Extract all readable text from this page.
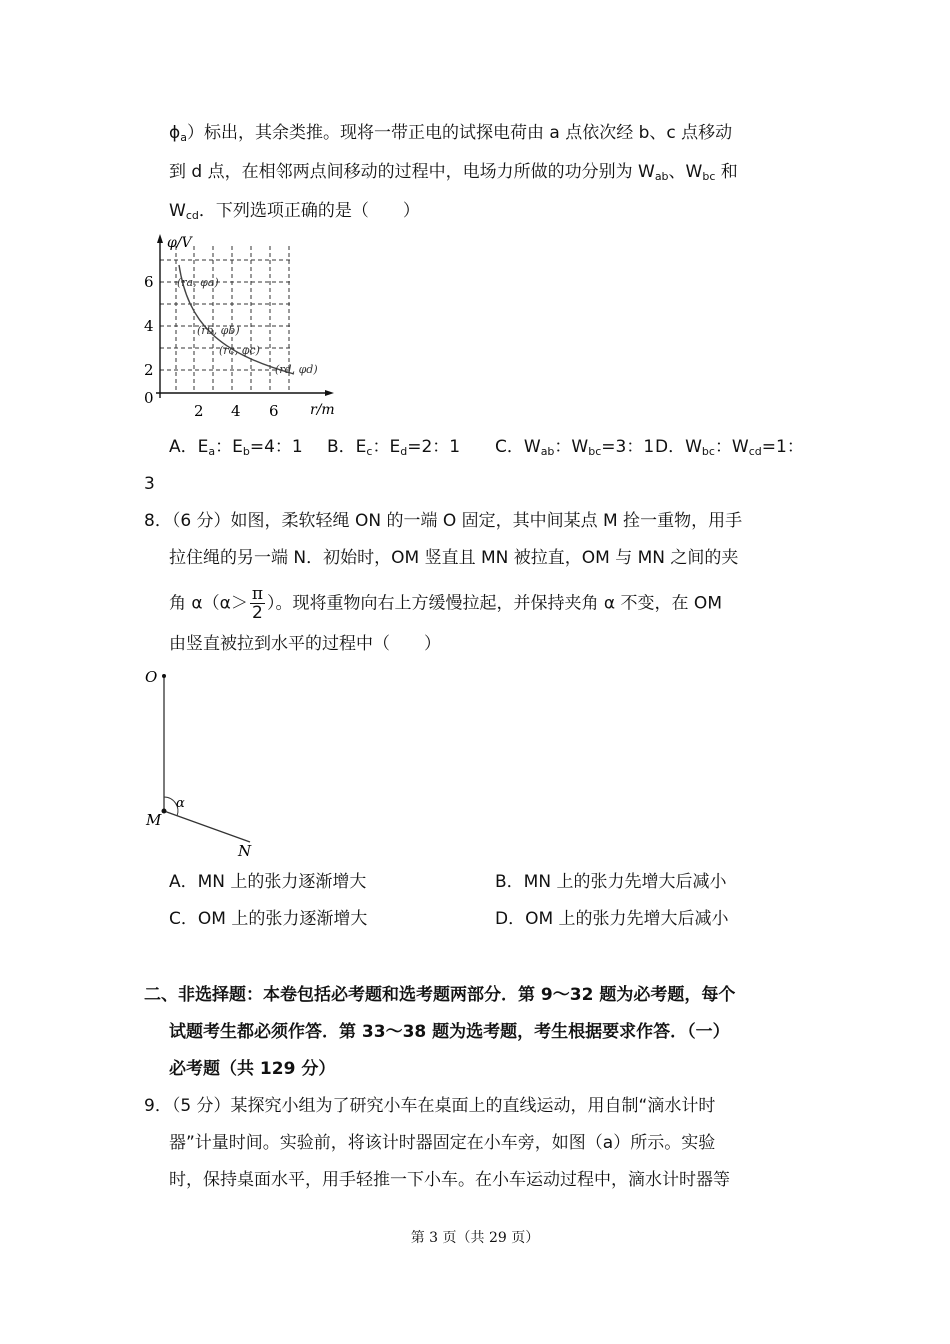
$\phi_a$）标出，其余类推。现将一带正电的试探电荷由 a 点依次经 b、c 点移动
到 d 点，在相邻两点间移动的过程中，电场力所做的功分别为 $W_{ab}$、$W_{bc}$ 和
$W_{cd}$．下列选项正确的是（　　）
φ/V
r/m
0
6
4
2
2 4 6
(ra, φa)
(rb, φb)
(rc, φc)
(rd, φd)
A．$E_a$：$E_b=4$：1 B．$E_c$：$E_d=2$：1 C．$W_{ab}$：$W_{bc}=3$：1 D．$W_{bc}$：$W_{cd}=1$：
3
8．（6 分）如图，柔软轻绳 ON 的一端 O 固定，其中间某点 M 拴一重物，用手
拉住绳的另一端 N．初始时，OM 竖直且 MN 被拉直，OM 与 MN 之间的夹
角 $\alpha(\alpha> \frac{\pi}{2}$ ）。现将重物向右上方缓慢拉起，并保持夹角 α 不变，在 OM
由竖直被拉到水平的过程中（　　）
O
M
N
α
A．MN 上的张力逐渐增大	B．MN 上的张力先增大后减小
C．OM 上的张力逐渐增大	D．OM 上的张力先增大后减小
二、非选择题：本卷包括必考题和选考题两部分．第 9～32 题为必考题，每个
试题考生都必须作答．第 33～38 题为选考题，考生根据要求作答．（一）
必考题（共 129 分）
9．（5 分）某探究小组为了研究小车在桌面上的直线运动，用自制“滴水计时
器”计量时间。实验前，将该计时器固定在小车旁，如图（a）所示。实验
时，保持桌面水平，用手轻推一下小车。在小车运动过程中，滴水计时器等
第 3 页（共 29 页）
